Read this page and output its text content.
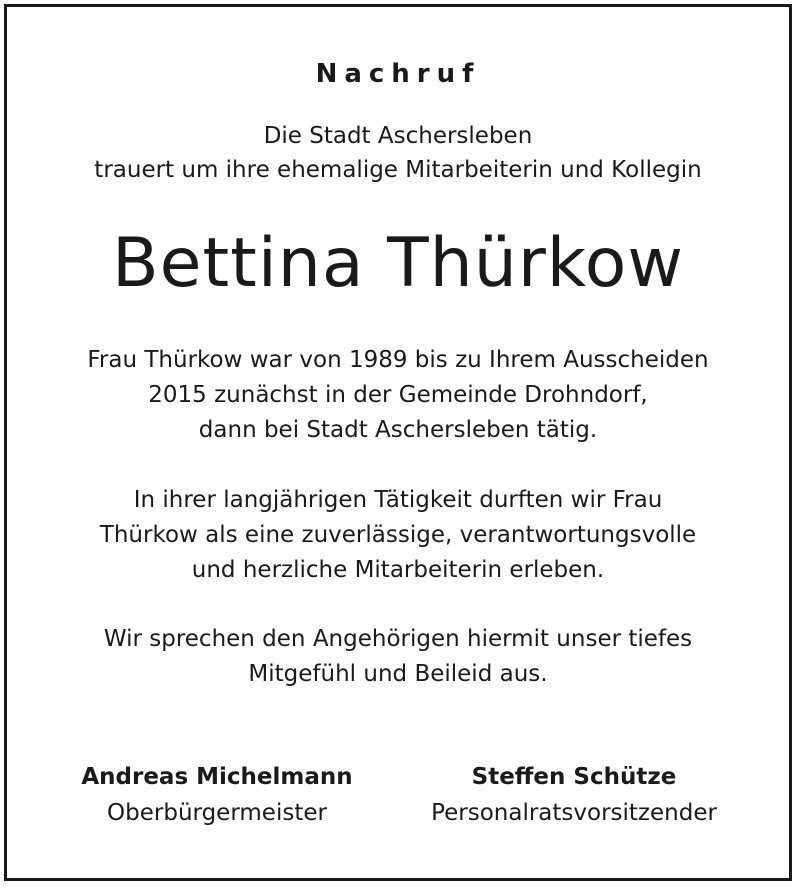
Nachruf
Die Stadt Aschersleben
trauert um ihre ehemalige Mitarbeiterin und Kollegin
Bettina Thürkow
Frau Thürkow war von 1989 bis zu Ihrem Ausscheiden
2015 zunächst in der Gemeinde Drohndorf,
dann bei Stadt Aschersleben tätig.
In ihrer langjährigen Tätigkeit durften wir Frau
Thürkow als eine zuverlässige, verantwortungsvolle
und herzliche Mitarbeiterin erleben.
Wir sprechen den Angehörigen hiermit unser tiefes
Mitgefühl und Beileid aus.
Andreas Michelmann
Oberbürgermeister
Steffen Schütze
Personalratsvorsitzender
